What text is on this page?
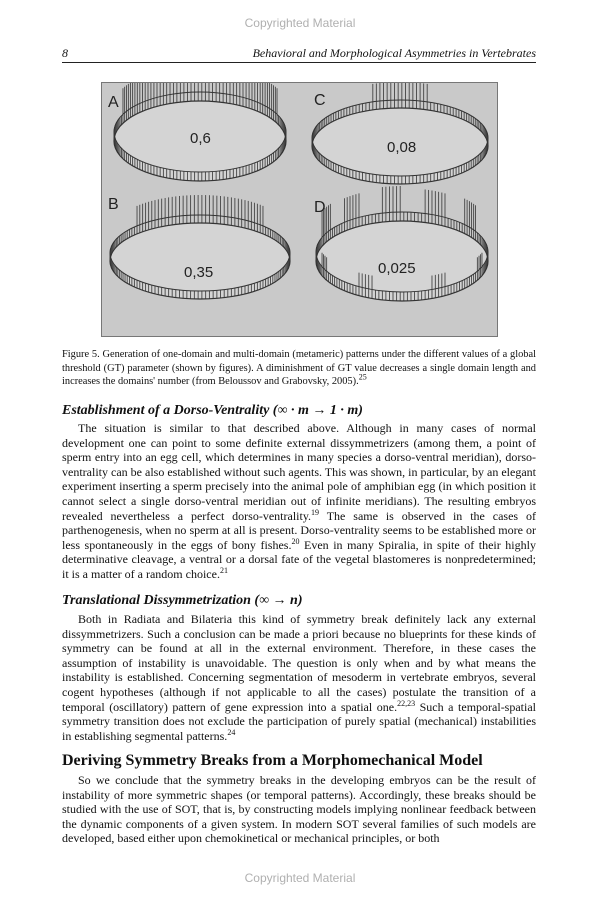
Copyrighted Material
8	Behavioral and Morphological Asymmetries in Vertebrates
A
0,6
C
0,08
B
0,35
D
0,025
Figure 5. Generation of one-domain and multi-domain (metameric) patterns under the different values of a global threshold (GT) parameter (shown by figures). A diminishment of GT value decreases a single domain length and increases the domains' number (from Beloussov and Grabovsky, 2005).$^{25}$
Establishment of a Dorso-Ventrality (∞ · m → 1 · m)

The situation is similar to that described above. Although in many cases of normal development one can point to some definite external dissymmetrizers (among them, a point of sperm entry into an egg cell, which determines in many species a dorso-ventral meridian), dorso-ventrality can be also established without such agents. This was shown, in particular, by an elegant experiment inserting a sperm precisely into the animal pole of amphibian egg (in which position it cannot select a single dorso-ventral meridian out of infinite meridians). The resulting embryos revealed nevertheless a perfect dorso-ventrality.$^{19}$ The same is observed in the cases of parthenogenesis, when no sperm at all is present. Dorso-ventrality seems to be established more or less spontaneously in the eggs of bony fishes.$^{20}$ Even in many Spiralia, in spite of their highly determinative cleavage, a ventral or a dorsal fate of the vegetal blastomeres is nonpredetermined; it is a matter of a random choice.$^{21}$

Translational Dissymmetrization (∞ → n)

Both in Radiata and Bilateria this kind of symmetry break definitely lack any external dissymmetrizers. Such a conclusion can be made a priori because no blueprints for these kinds of symmetry can be found at all in the external environment. Therefore, in these cases the assumption of instability is unavoidable. The question is only when and by what means the instability is established. Concerning segmentation of mesoderm in vertebrate embryos, several cogent hypotheses (although if not applicable to all the cases) postulate the transition of a temporal (oscillatory) pattern of gene expression into a spatial one.$^{22,23}$ Such a temporal-spatial symmetry transition does not exclude the participation of purely spatial (mechanical) instabilities in establishing segmental patterns.$^{24}$

Deriving Symmetry Breaks from a Morphomechanical Model

So we conclude that the symmetry breaks in the developing embryos can be the result of instability of more symmetric shapes (or temporal patterns). Accordingly, these breaks should be studied with the use of SOT, that is, by constructing models implying nonlinear feedback between the dynamic components of a given system. In modern SOT several families of such models are developed, based either upon chemokinetical or mechanical principles, or both

Copyrighted Material
